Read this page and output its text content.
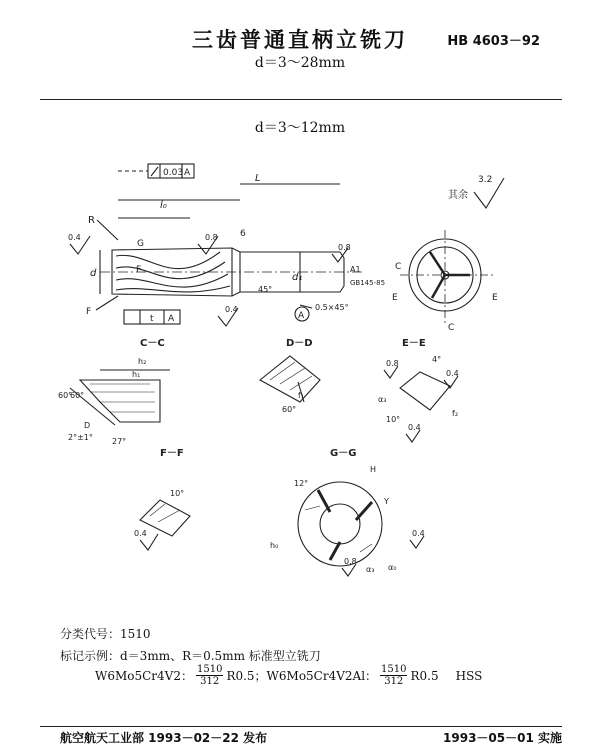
三齿普通直柄立铣刀	HB 4603－92
d＝3～28mm
d＝3～12mm
0.03 A	L
l₀
R
0.4	0.8
G
6
d	d₁
F
45°
A1
GB145-85
0.8
0.5×45°
F
t A
0.4
A
其余
3.2
C
E	E
C
C－C	D－D	E－E
F－F	G－G
h₂
h₁
60°
60°
D
2°±1° 27°
f₁
60°
0.8
0.4
α₃
10°
0.4
f₂
4°
10°
0.4
12°
H
Y
h₀
0.8
α₃ α₀
0.4
分类代号：1510
标记示例：d＝3mm、R＝0.5mm 标准型立铣刀
W6Mo5Cr4V2： $\frac{1510}{312} R0.5$；W6Mo5Cr4V2Al： $\frac{1510}{312} R0.5$ HSS
航空航天工业部 1993－02－22 发布	1993－05－01 实施
